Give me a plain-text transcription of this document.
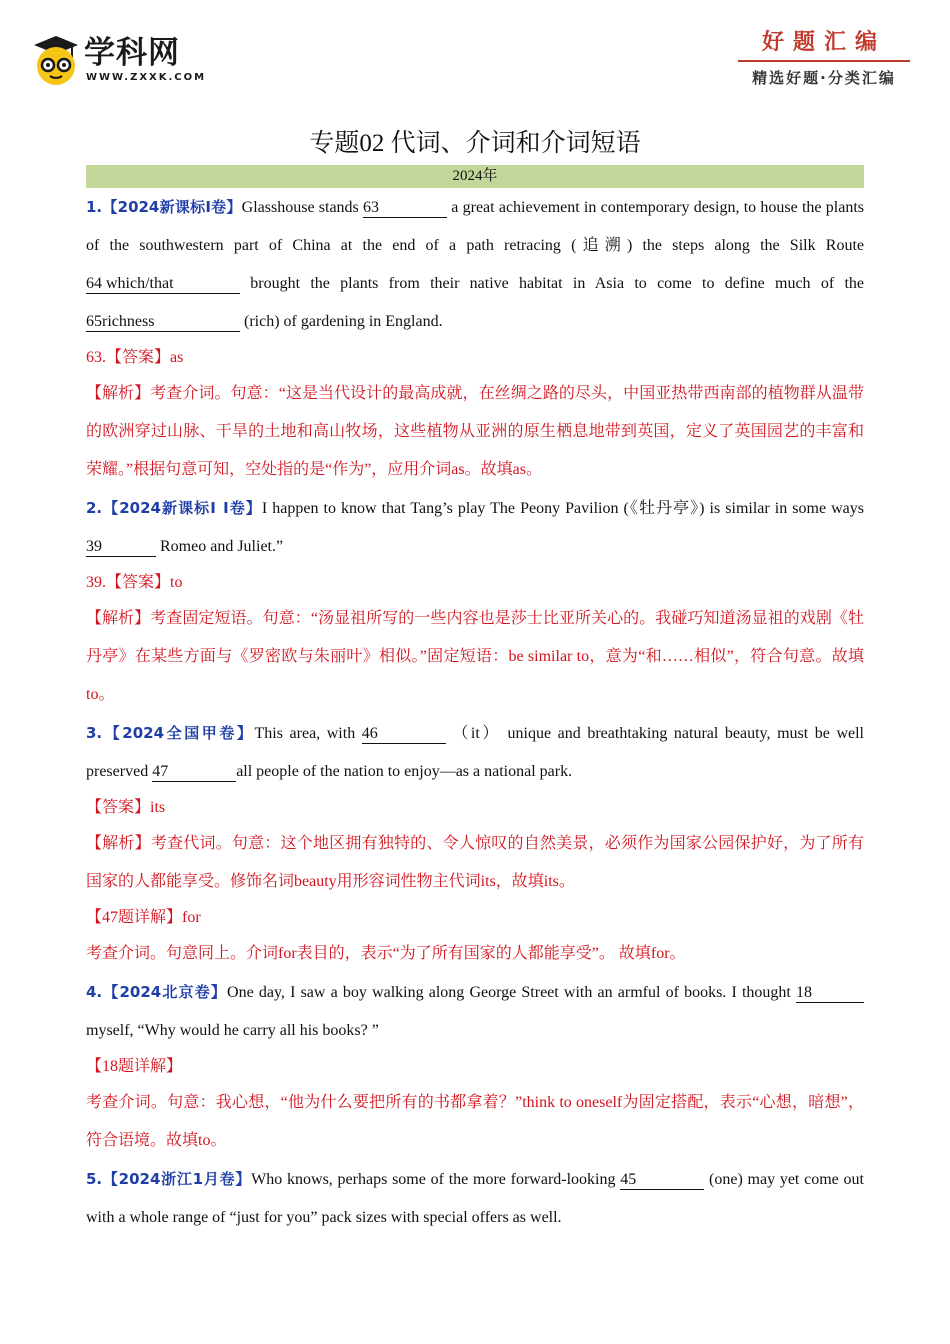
学科网
WWW.ZXXK.COM
好题汇编
精选好题·分类汇编
专题02 代词、介词和介词短语
2024年

1.【2024新课标Ⅰ卷】Glasshouse stands 63	a great achievement in contemporary design, to house the plants of the southwestern part of China at the end of a path retracing (追溯) the steps along the Silk Route 64 which/that	brought the plants from their native habitat in Asia to come to define much of the 65richness	(rich) of gardening in England.

63.【答案】as

【解析】考查介词。句意：“这是当代设计的最高成就，在丝绸之路的尽头，中国亚热带西南部的植物群从温带的欧洲穿过山脉、干旱的土地和高山牧场，这些植物从亚洲的原生栖息地带到英国，定义了英国园艺的丰富和荣耀。”根据句意可知，空处指的是“作为”，应用介词as。故填as。

2.【2024新课标Ⅰ Ⅰ卷】I happen to know that Tang’s play The Peony Pavilion (《牡丹亭》) is similar in some ways 39	Romeo and Juliet.”

39.【答案】to

【解析】考查固定短语。句意：“汤显祖所写的一些内容也是莎士比亚所关心的。我碰巧知道汤显祖的戏剧《牡丹亭》在某些方面与《罗密欧与朱丽叶》相似。”固定短语：be similar to，意为“和……相似”，符合句意。故填to。

3.【2024全国甲卷】This area, with 46	（it） unique and breathtaking natural beauty, must be well preserved 47	all people of the nation to enjoy—as a national park.

【答案】its

【解析】考查代词。句意：这个地区拥有独特的、令人惊叹的自然美景，必须作为国家公园保护好，为了所有国家的人都能享受。修饰名词beauty用形容词性物主代词its，故填its。

【47题详解】for

考查介词。句意同上。介词for表目的，表示“为了所有国家的人都能享受”。 故填for。

4.【2024北京卷】One day, I saw a boy walking along George Street with an armful of books. I thought 18 myself, “Why would he carry all his books? ”

【18题详解】

考查介词。句意：我心想，“他为什么要把所有的书都拿着？”think to oneself为固定搭配，表示“心想，暗想”，符合语境。故填to。

5.【2024浙江1月卷】Who knows, perhaps some of the more forward-looking 45	(one) may yet come out with a whole range of “just for you” pack sizes with special offers as well.
